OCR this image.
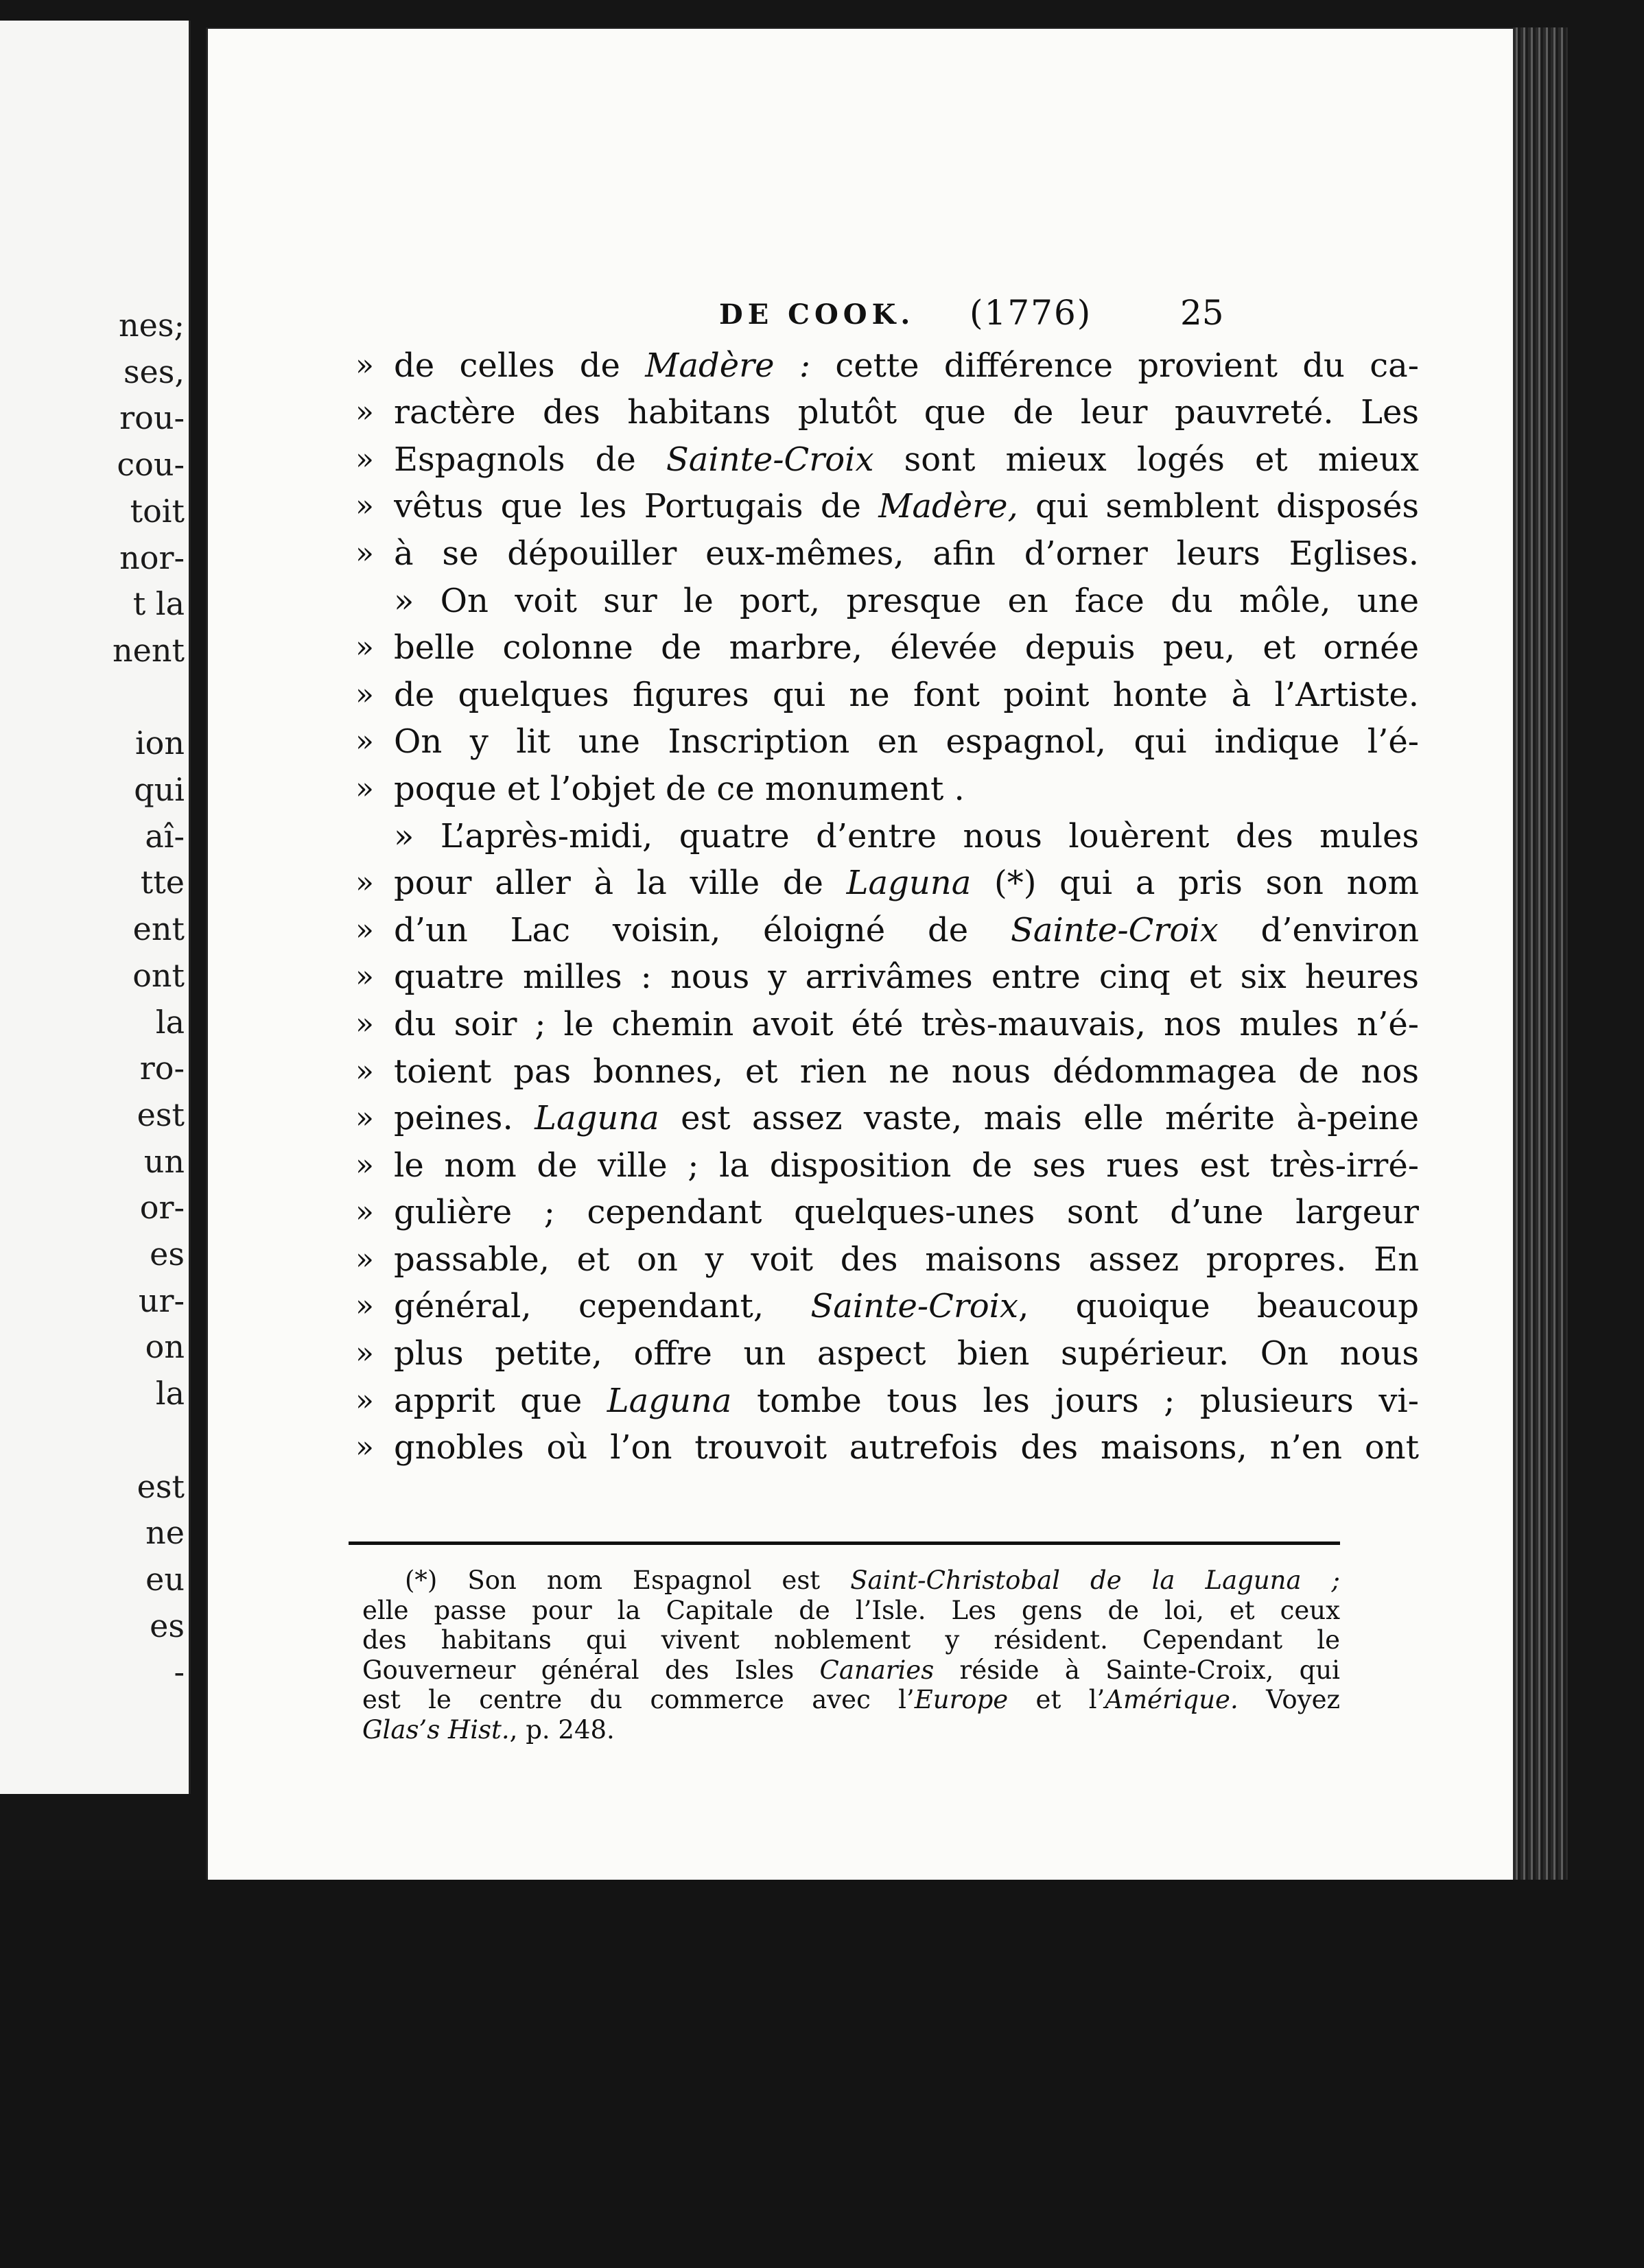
nes;
ses,
rou-
cou-
toit
nor-
t la
nent
ion
qui
aî-
tte
ent
ont
la
ro-
est
un
or-
es
ur-
on
la
est
ne
eu
es
-
DE COOK. (1776)	25
» de celles de Madère : cette différence provient du ca-
» ractère des habitans plutôt que de leur pauvreté. Les
» Espagnols de Sainte-Croix sont mieux logés et mieux
» vêtus que les Portugais de Madère, qui semblent disposés
» à se dépouiller eux-mêmes, afin d’orner leurs Eglises.
» On voit sur le port, presque en face du môle, une
» belle colonne de marbre, élevée depuis peu, et ornée
» de quelques figures qui ne font point honte à l’Artiste.
» On y lit une Inscription en espagnol, qui indique l’é-
» poque et l’objet de ce monument .
» L’après-midi, quatre d’entre nous louèrent des mules
» pour aller à la ville de Laguna (*) qui a pris son nom
» d’un Lac voisin, éloigné de Sainte-Croix d’environ
» quatre milles : nous y arrivâmes entre cinq et six heures
» du soir ; le chemin avoit été très-mauvais, nos mules n’é-
» toient pas bonnes, et rien ne nous dédommagea de nos
» peines. Laguna est assez vaste, mais elle mérite à-peine
» le nom de ville ; la disposition de ses rues est très-irré-
» gulière ; cependant quelques-unes sont d’une largeur
» passable, et on y voit des maisons assez propres. En
» général, cependant, Sainte-Croix, quoique beaucoup
» plus petite, offre un aspect bien supérieur. On nous
» apprit que Laguna tombe tous les jours ; plusieurs vi-
» gnobles où l’on trouvoit autrefois des maisons, n’en ont
(*) Son nom Espagnol est Saint-Christobal de la Laguna ;
elle passe pour la Capitale de l’Isle. Les gens de loi, et ceux
des habitans qui vivent noblement y résident. Cependant le
Gouverneur général des Isles Canaries réside à Sainte-Croix, qui
est le centre du commerce avec l’Europe et l’Amérique. Voyez
Glas’s Hist., p. 248.
